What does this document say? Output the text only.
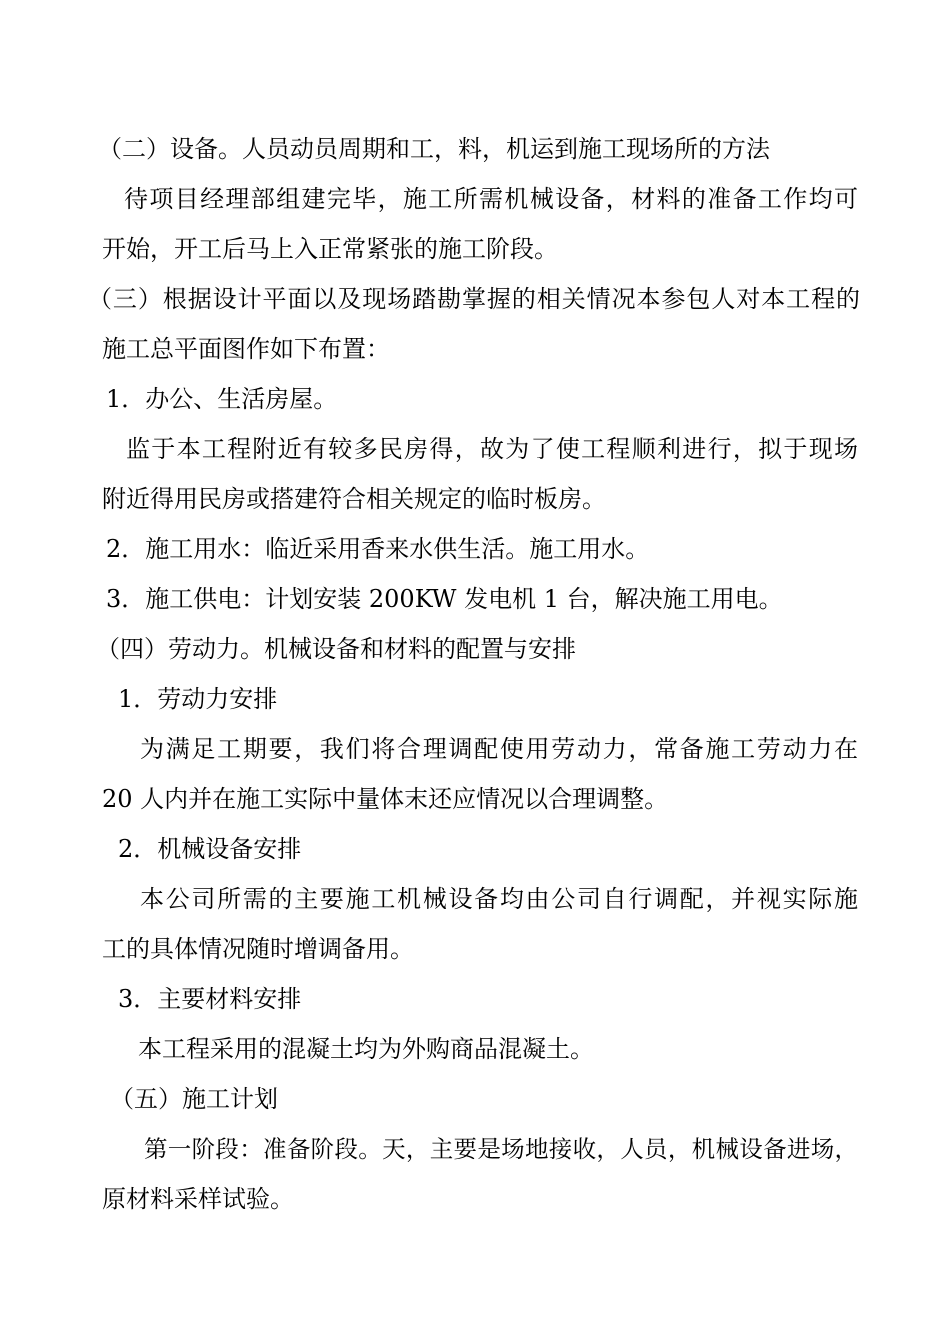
（二）设备。人员动员周期和工，料，机运到施工现场所的方法
待项目经理部组建完毕，施工所需机械设备，材料的准备工作均可
开始，开工后马上入正常紧张的施工阶段。
（三）根据设计平面以及现场踏勘掌握的相关情况本参包人对本工程的
施工总平面图作如下布置：
1．办公、生活房屋。
监于本工程附近有较多民房得，故为了使工程顺利进行，拟于现场
附近得用民房或搭建符合相关规定的临时板房。
2．施工用水：临近采用香来水供生活。施工用水。
3．施工供电：计划安装 200KW 发电机 1 台，解决施工用电。
（四）劳动力。机械设备和材料的配置与安排
1．劳动力安排
为满足工期要，我们将合理调配使用劳动力，常备施工劳动力在
20 人内并在施工实际中量体末还应情况以合理调整。
2．机械设备安排
本公司所需的主要施工机械设备均由公司自行调配，并视实际施
工的具体情况随时增调备用。
3．主要材料安排
本工程采用的混凝土均为外购商品混凝土。
（五）施工计划
第一阶段：准备阶段。天，主要是场地接收，人员，机械设备进场，
原材料采样试验。
